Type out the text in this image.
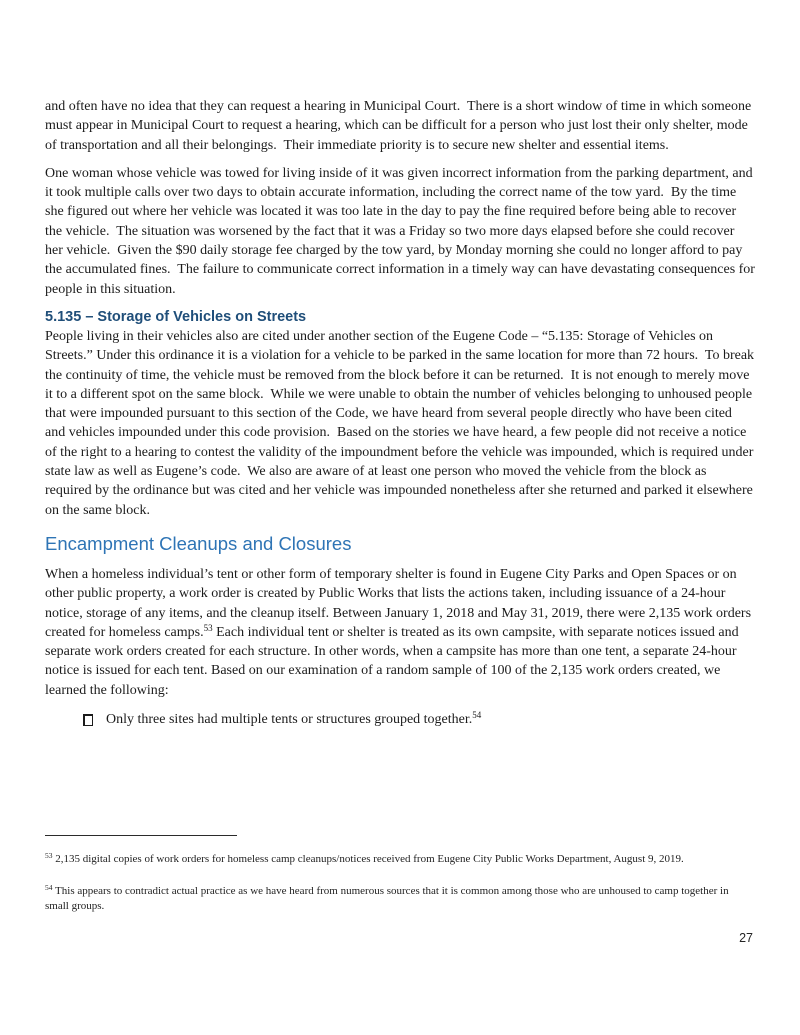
and often have no idea that they can request a hearing in Municipal Court.  There is a short window of time in which someone must appear in Municipal Court to request a hearing, which can be difficult for a person who just lost their only shelter, mode of transportation and all their belongings.  Their immediate priority is to secure new shelter and essential items.

One woman whose vehicle was towed for living inside of it was given incorrect information from the parking department, and it took multiple calls over two days to obtain accurate information, including the correct name of the tow yard.  By the time she figured out where her vehicle was located it was too late in the day to pay the fine required before being able to recover the vehicle.  The situation was worsened by the fact that it was a Friday so two more days elapsed before she could recover her vehicle.  Given the $90 daily storage fee charged by the tow yard, by Monday morning she could no longer afford to pay the accumulated fines.  The failure to communicate correct information in a timely way can have devastating consequences for people in this situation.

5.135 – Storage of Vehicles on Streets

People living in their vehicles also are cited under another section of the Eugene Code – “5.135: Storage of Vehicles on Streets.” Under this ordinance it is a violation for a vehicle to be parked in the same location for more than 72 hours.  To break the continuity of time, the vehicle must be removed from the block before it can be returned.  It is not enough to merely move it to a different spot on the same block.  While we were unable to obtain the number of vehicles belonging to unhoused people that were impounded pursuant to this section of the Code, we have heard from several people directly who have been cited and vehicles impounded under this code provision.  Based on the stories we have heard, a few people did not receive a notice of the right to a hearing to contest the validity of the impoundment before the vehicle was impounded, which is required under state law as well as Eugene’s code.  We also are aware of at least one person who moved the vehicle from the block as required by the ordinance but was cited and her vehicle was impounded nonetheless after she returned and parked it elsewhere on the same block.

Encampment Cleanups and Closures

When a homeless individual’s tent or other form of temporary shelter is found in Eugene City Parks and Open Spaces or on other public property, a work order is created by Public Works that lists the actions taken, including issuance of a 24-hour notice, storage of any items, and the cleanup itself. Between January 1, 2018 and May 31, 2019, there were 2,135 work orders created for homeless camps.$^{53}$ Each individual tent or shelter is treated as its own campsite, with separate notices issued and separate work orders created for each structure. In other words, when a campsite has more than one tent, a separate 24-hour notice is issued for each tent. Based on our examination of a random sample of 100 of the 2,135 work orders created, we learned the following:

Only three sites had multiple tents or structures grouped together.$^{54}$

$^{53}$ 2,135 digital copies of work orders for homeless camp cleanups/notices received from Eugene City Public Works Department, August 9, 2019.

$^{54}$ This appears to contradict actual practice as we have heard from numerous sources that it is common among those who are unhoused to camp together in small groups.

27
